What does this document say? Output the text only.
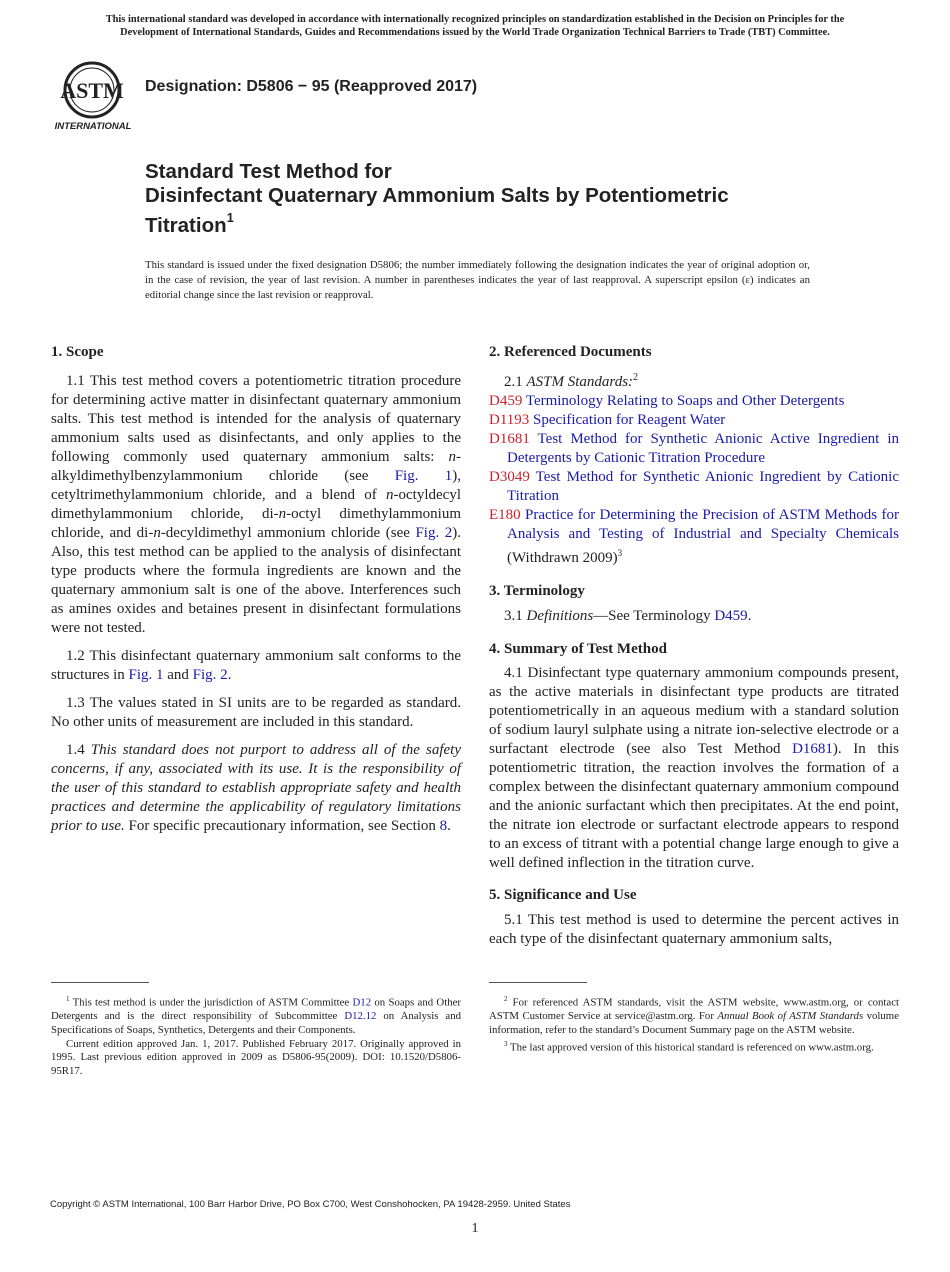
This international standard was developed in accordance with internationally recognized principles on standardization established in the Decision on Principles for the
Development of International Standards, Guides and Recommendations issued by the World Trade Organization Technical Barriers to Trade (TBT) Committee.
ASTM
INTERNATIONAL
Designation: D5806 − 95 (Reapproved 2017)
Standard Test Method for
Disinfectant Quaternary Ammonium Salts by Potentiometric
Titration$^1$
This standard is issued under the fixed designation D5806; the number immediately following the designation indicates the year of original adoption or, in the case of revision, the year of last revision. A number in parentheses indicates the year of last reapproval. A superscript epsilon (ε) indicates an editorial change since the last revision or reapproval.
1. Scope

1.1 This test method covers a potentiometric titration procedure for determining active matter in disinfectant quaternary ammonium salts. This test method is intended for the analysis of quaternary ammonium salts used as disinfectants, and only applies to the following commonly used quaternary ammonium salts: n-alkyldimethylbenzylammonium chloride (see Fig. 1), cetyltrimethylammonium chloride, and a blend of n-octyldecyl dimethylammonium chloride, di-n-octyl dimethylammonium chloride, and di-n-decyldimethyl ammonium chloride (see Fig. 2). Also, this test method can be applied to the analysis of disinfectant type products where the formula ingredients are known and the quaternary ammonium salt is one of the above. Interferences such as amines oxides and betaines present in disinfectant formulations were not tested.

1.2 This disinfectant quaternary ammonium salt conforms to the structures in Fig. 1 and Fig. 2.

1.3 The values stated in SI units are to be regarded as standard. No other units of measurement are included in this standard.

1.4 This standard does not purport to address all of the safety concerns, if any, associated with its use. It is the responsibility of the user of this standard to establish appropriate safety and health practices and determine the applicability of regulatory limitations prior to use. For specific precautionary information, see Section 8.

2. Referenced Documents

2.1 ASTM Standards:$^2$

D459 Terminology Relating to Soaps and Other Detergents

D1193 Specification for Reagent Water

D1681 Test Method for Synthetic Anionic Active Ingredient in Detergents by Cationic Titration Procedure

D3049 Test Method for Synthetic Anionic Ingredient by Cationic Titration

E180 Practice for Determining the Precision of ASTM Methods for Analysis and Testing of Industrial and Specialty Chemicals (Withdrawn 2009)$^3$

3. Terminology

3.1 Definitions—See Terminology D459.

4. Summary of Test Method

4.1 Disinfectant type quaternary ammonium compounds present, as the active materials in disinfectant type products are titrated potentiometrically in an aqueous medium with a standard solution of sodium lauryl sulphate using a nitrate ion-selective electrode or a surfactant electrode (see also Test Method D1681). In this potentiometric titration, the reaction involves the formation of a complex between the disinfectant quaternary ammonium compound and the anionic surfactant which then precipitates. At the end point, the nitrate ion electrode or surfactant electrode appears to respond to an excess of titrant with a potential change large enough to give a well defined inflection in the titration curve.

5. Significance and Use

5.1 This test method is used to determine the percent actives in each type of the disinfectant quaternary ammonium salts,

$^1$ This test method is under the jurisdiction of ASTM Committee D12 on Soaps and Other Detergents and is the direct responsibility of Subcommittee D12.12 on Analysis and Specifications of Soaps, Synthetics, Detergents and their Components.

Current edition approved Jan. 1, 2017. Published February 2017. Originally approved in 1995. Last previous edition approved in 2009 as D5806-95(2009). DOI: 10.1520/D5806-95R17.

$^2$ For referenced ASTM standards, visit the ASTM website, www.astm.org, or contact ASTM Customer Service at service@astm.org. For Annual Book of ASTM Standards volume information, refer to the standard’s Document Summary page on the ASTM website.

$^3$ The last approved version of this historical standard is referenced on www.astm.org.

Copyright © ASTM International, 100 Barr Harbor Drive, PO Box C700, West Conshohocken, PA 19428-2959. United States
1
